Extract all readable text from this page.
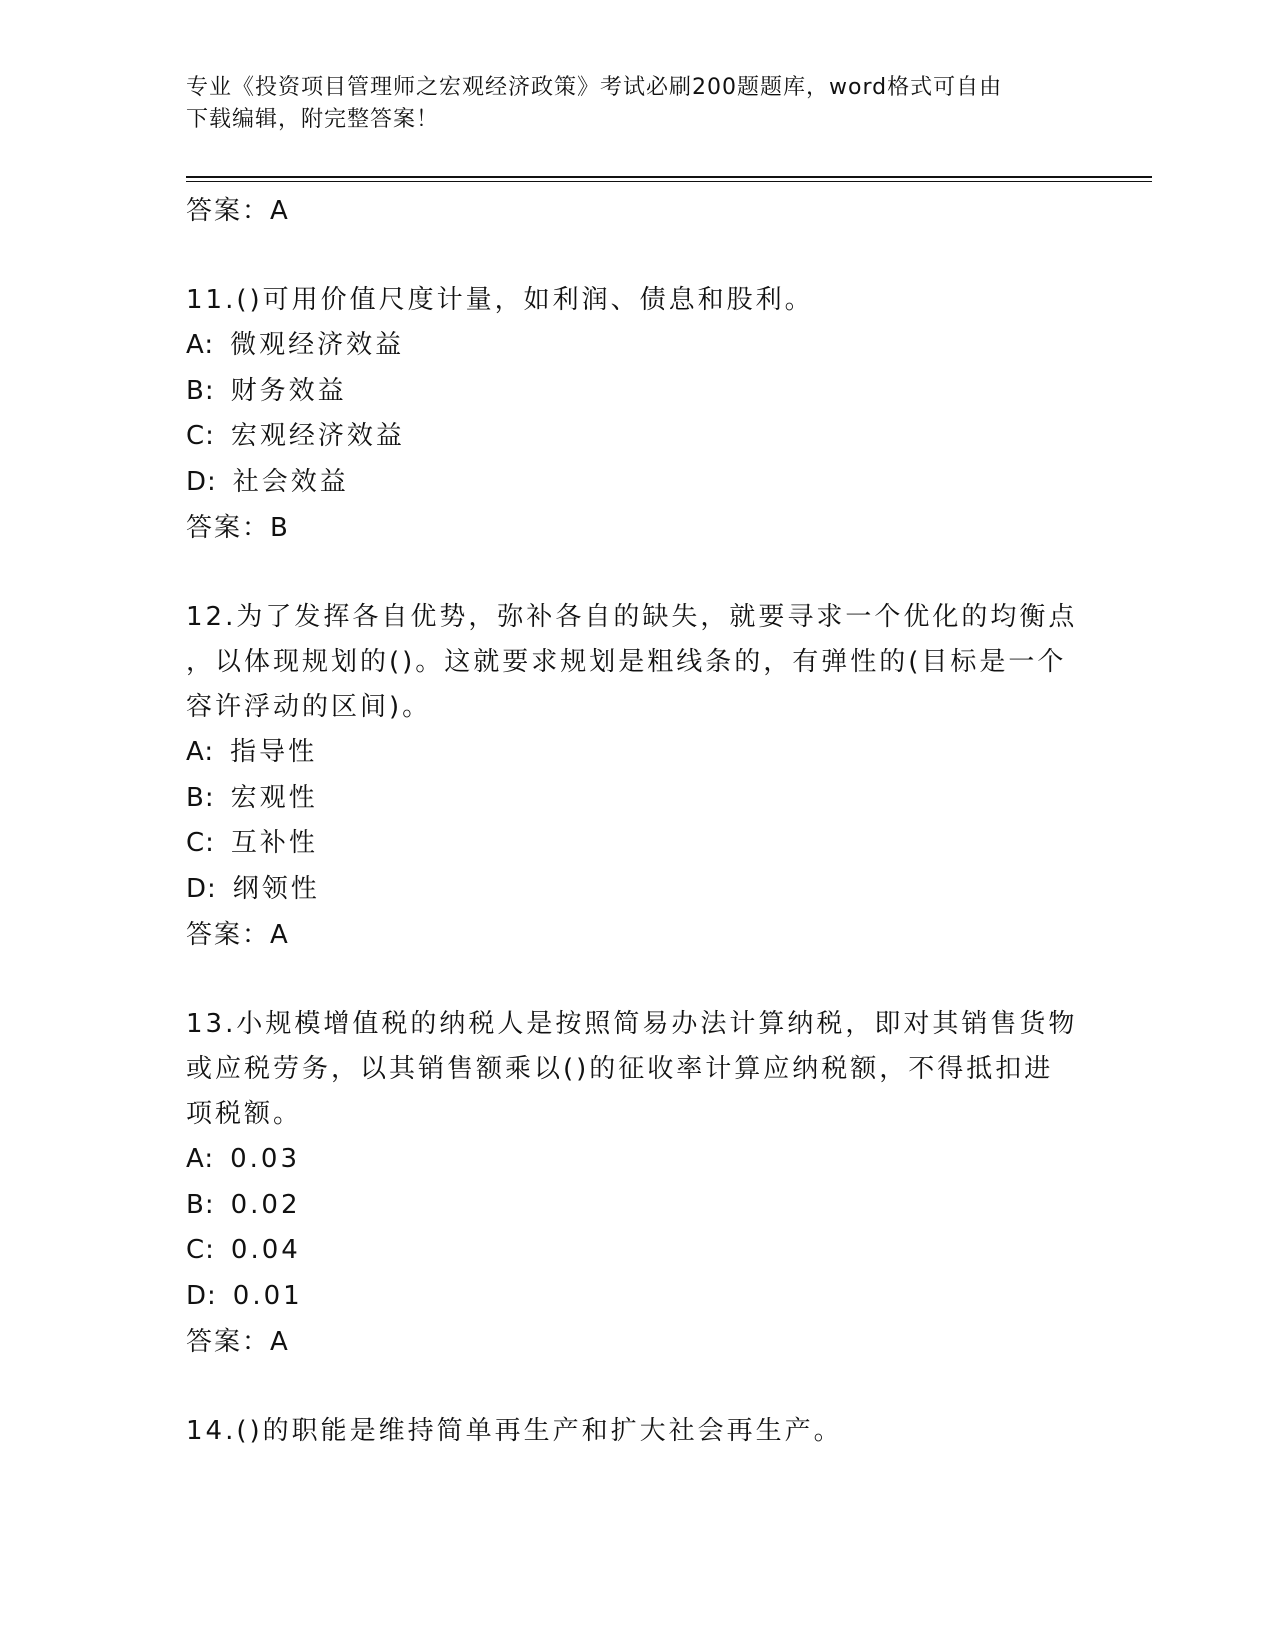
专业《投资项目管理师之宏观经济政策》考试必刷200题题库，word格式可自由
下载编辑，附完整答案！
答案：A
11.()可用价值尺度计量，如利润、债息和股利。
A: 微观经济效益
B: 财务效益
C: 宏观经济效益
D: 社会效益
答案：B
12.为了发挥各自优势，弥补各自的缺失，就要寻求一个优化的均衡点
，以体现规划的()。这就要求规划是粗线条的，有弹性的(目标是一个
容许浮动的区间)。
A: 指导性
B: 宏观性
C: 互补性
D: 纲领性
答案：A
13.小规模增值税的纳税人是按照简易办法计算纳税，即对其销售货物
或应税劳务，以其销售额乘以()的征收率计算应纳税额，不得抵扣进
项税额。
A: 0.03
B: 0.02
C: 0.04
D: 0.01
答案：A
14.()的职能是维持简单再生产和扩大社会再生产。
